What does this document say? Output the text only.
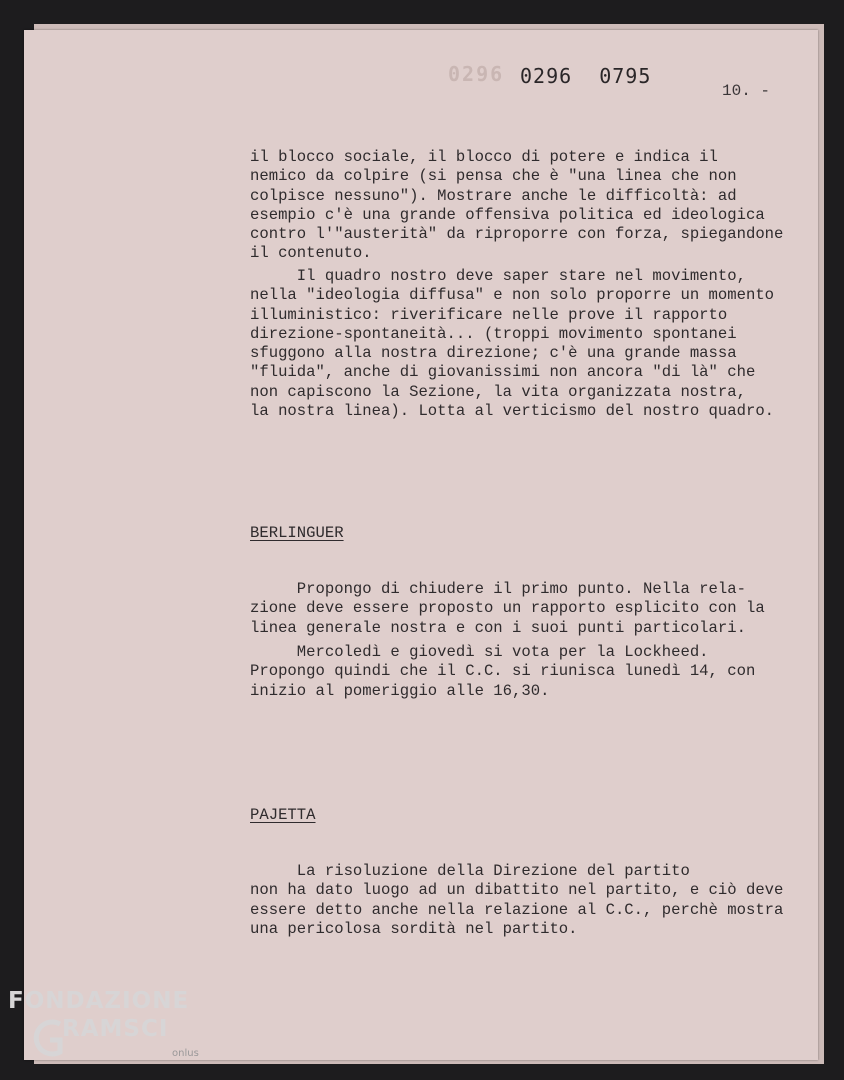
0296 0296 0795
10. -

il blocco sociale, il blocco di potere e indica il
nemico da colpire (si pensa che è "una linea che non
colpisce nessuno"). Mostrare anche le difficoltà: ad
esempio c'è una grande offensiva politica ed ideologica
contro l'"austerità" da riproporre con forza, spiegandone
il contenuto.

Il quadro nostro deve saper stare nel movimento,
nella "ideologia diffusa" e non solo proporre un momento
illuministico: riverificare nelle prove il rapporto
direzione-spontaneità... (troppi movimento spontanei
sfuggono alla nostra direzione; c'è una grande massa
"fluida", anche di giovanissimi non ancora "di là" che
non capiscono la Sezione, la vita organizzata nostra,
la nostra linea). Lotta al verticismo del nostro quadro.

BERLINGUER

Propongo di chiudere il primo punto. Nella rela-
zione deve essere proposto un rapporto esplicito con la
linea generale nostra e con i suoi punti particolari.

Mercoledì e giovedì si vota per la Lockheed.
Propongo quindi che il C.C. si riunisca lunedì 14, con
inizio al pomeriggio alle 16,30.

PAJETTA

La risoluzione della Direzione del partito
non ha dato luogo ad un dibattito nel partito, e ciò deve
essere detto anche nella relazione al C.C., perchè mostra
una pericolosa sordità nel partito.

FONDAZIONE
RAMSCI
onlus
